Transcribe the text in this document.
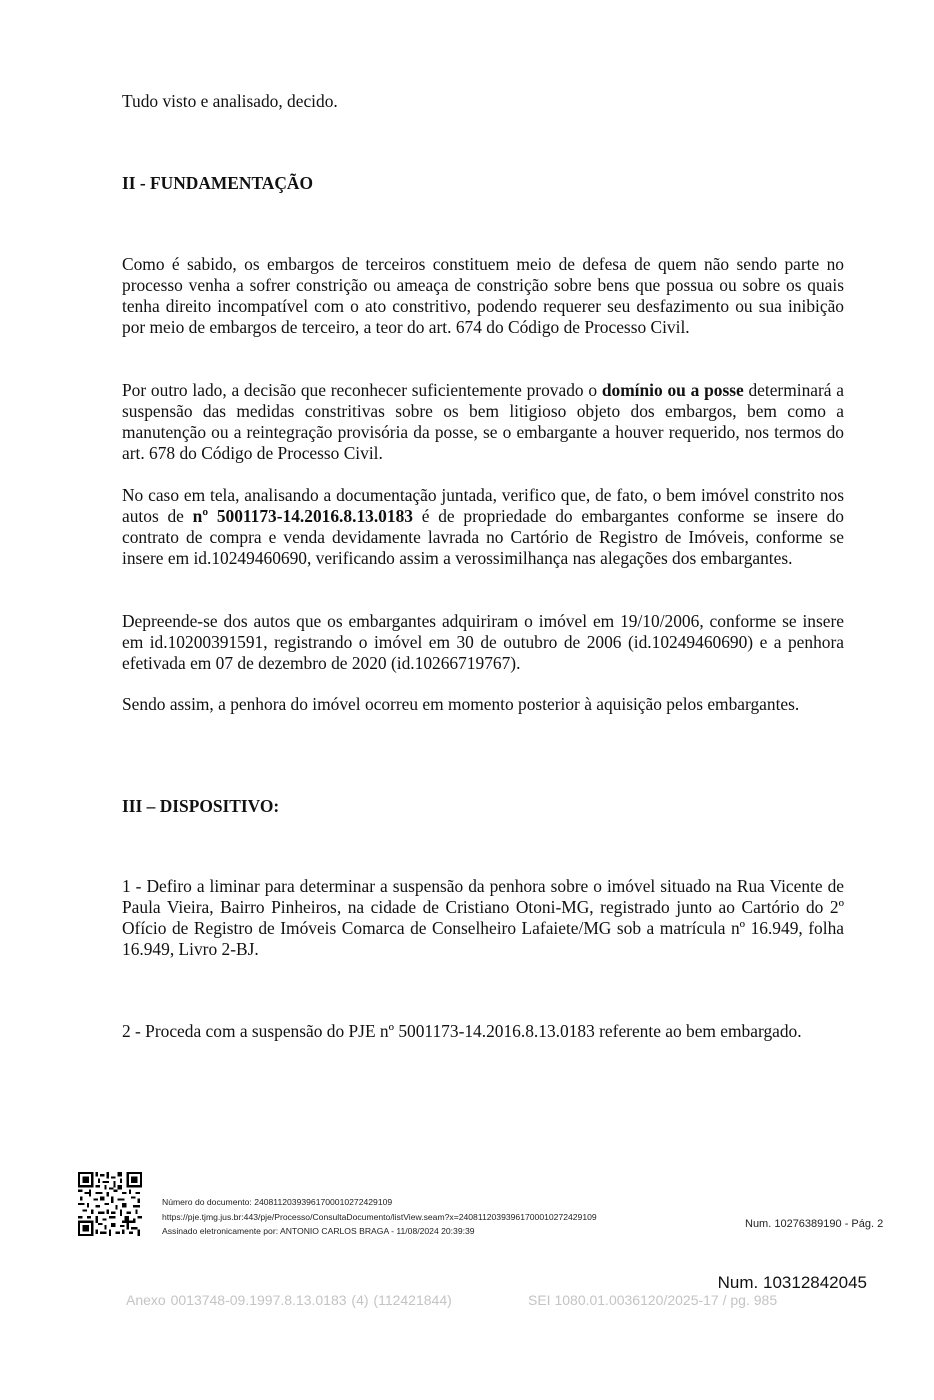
Tudo visto e analisado, decido.

II - FUNDAMENTAÇÃO

Como é sabido, os embargos de terceiros constituem meio de defesa de quem não sendo parte no processo venha a sofrer constrição ou ameaça de constrição sobre bens que possua ou sobre os quais tenha direito incompatível com o ato constritivo, podendo requerer seu desfazimento ou sua inibição por meio de embargos de terceiro, a teor do art. 674 do Código de Processo Civil.

Por outro lado, a decisão que reconhecer suficientemente provado o domínio ou a posse determinará a suspensão das medidas constritivas sobre os bem litigioso objeto dos embargos, bem como a manutenção ou a reintegração provisória da posse, se o embargante a houver requerido, nos termos do art. 678 do Código de Processo Civil.

No caso em tela, analisando a documentação juntada, verifico que, de fato, o bem imóvel constrito nos autos de nº 5001173-14.2016.8.13.0183 é de propriedade do embargantes conforme se insere do contrato de compra e venda devidamente lavrada no Cartório de Registro de Imóveis, conforme se insere em id.10249460690, verificando assim a verossimilhança nas alegações dos embargantes.

Depreende-se dos autos que os embargantes adquiriram o imóvel em 19/10/2006, conforme se insere em id.10200391591, registrando o imóvel em 30 de outubro de 2006 (id.10249460690) e a penhora efetivada em 07 de dezembro de 2020 (id.10266719767).

Sendo assim, a penhora do imóvel ocorreu em momento posterior à aquisição pelos embargantes.

III – DISPOSITIVO:

1 - Defiro a liminar para determinar a suspensão da penhora sobre o imóvel situado na Rua Vicente de Paula Vieira, Bairro Pinheiros, na cidade de Cristiano Otoni-MG, registrado junto ao Cartório do 2º Ofício de Registro de Imóveis Comarca de Conselheiro Lafaiete/MG sob a matrícula nº 16.949, folha 16.949, Livro 2-BJ.

2 - Proceda com a suspensão do PJE nº 5001173-14.2016.8.13.0183 referente ao bem embargado.

Número do documento: 24081120393961700010272429109
https://pje.tjmg.jus.br:443/pje/Processo/ConsultaDocumento/listView.seam?x=24081120393961700010272429109
Assinado eletronicamente por: ANTONIO CARLOS BRAGA - 11/08/2024 20:39:39
Num. 10276389190 - Pág. 2
Num. 10312842045
Anexo 0013748-09.1997.8.13.0183 (4) (112421844)	SEI 1080.01.0036120/2025-17 / pg. 985
